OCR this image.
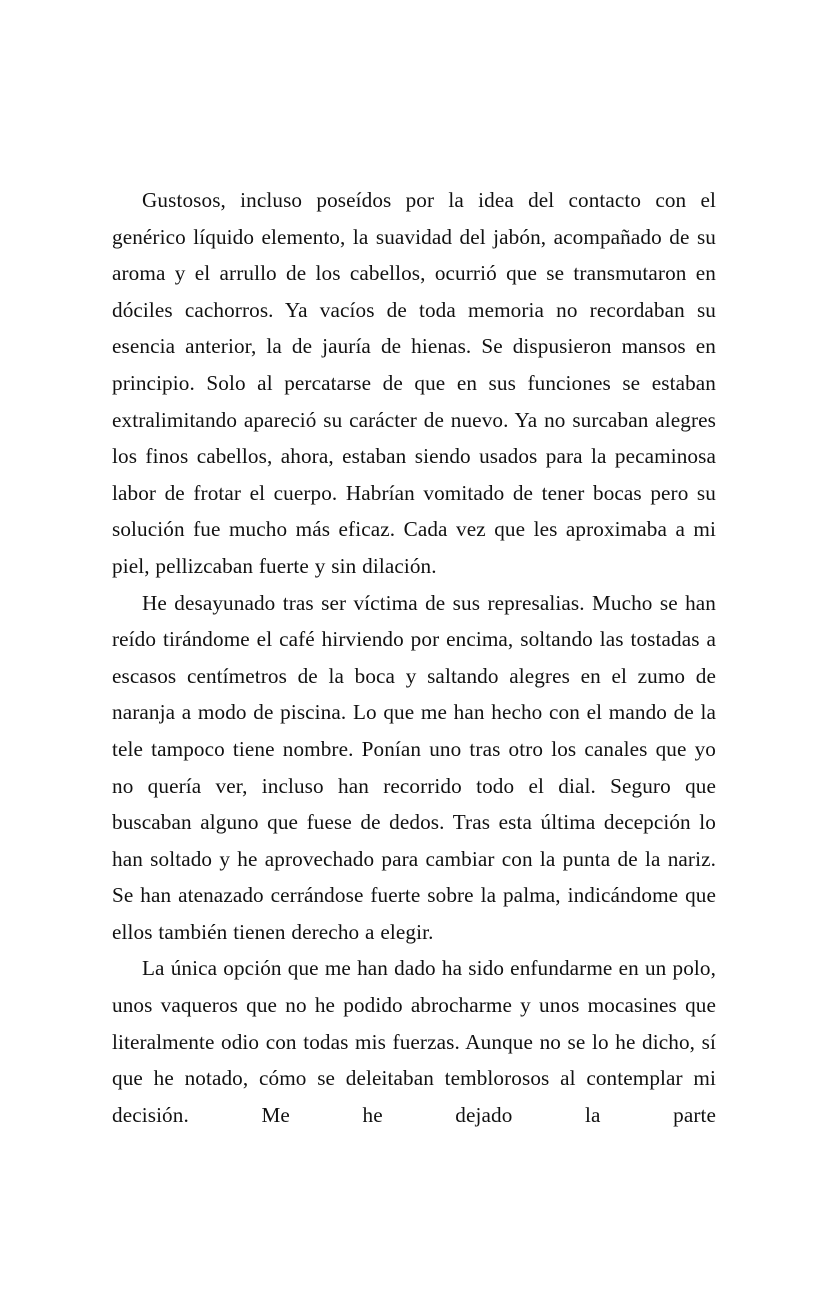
Gustosos, incluso poseídos por la idea del contacto con el genérico líquido elemento, la suavidad del jabón, acompañado de su aroma y el arrullo de los cabellos, ocurrió que se transmutaron en dóciles cachorros. Ya vacíos de toda memoria no recordaban su esencia anterior, la de jauría de hienas. Se dispusieron mansos en principio. Solo al percatarse de que en sus funciones se estaban extralimitando apareció su carácter de nuevo. Ya no surcaban alegres los finos cabellos, ahora, estaban siendo usados para la pecaminosa labor de frotar el cuerpo. Habrían vomitado de tener bocas pero su solución fue mucho más eficaz. Cada vez que les aproximaba a mi piel, pellizcaban fuerte y sin dilación.

He desayunado tras ser víctima de sus represalias. Mucho se han reído tirándome el café hirviendo por encima, soltando las tostadas a escasos centímetros de la boca y saltando alegres en el zumo de naranja a modo de piscina. Lo que me han hecho con el mando de la tele tampoco tiene nombre. Ponían uno tras otro los canales que yo no quería ver, incluso han recorrido todo el dial. Seguro que buscaban alguno que fuese de dedos. Tras esta última decepción lo han soltado y he aprovechado para cambiar con la punta de la nariz. Se han atenazado cerrándose fuerte sobre la palma, indicándome que ellos también tienen derecho a elegir.

La única opción que me han dado ha sido enfundarme en un polo, unos vaqueros que no he podido abrocharme y unos mocasines que literalmente odio con todas mis fuerzas. Aunque no se lo he dicho, sí que he notado, cómo se deleitaban temblorosos al contemplar mi decisión. Me he dejado la parte
